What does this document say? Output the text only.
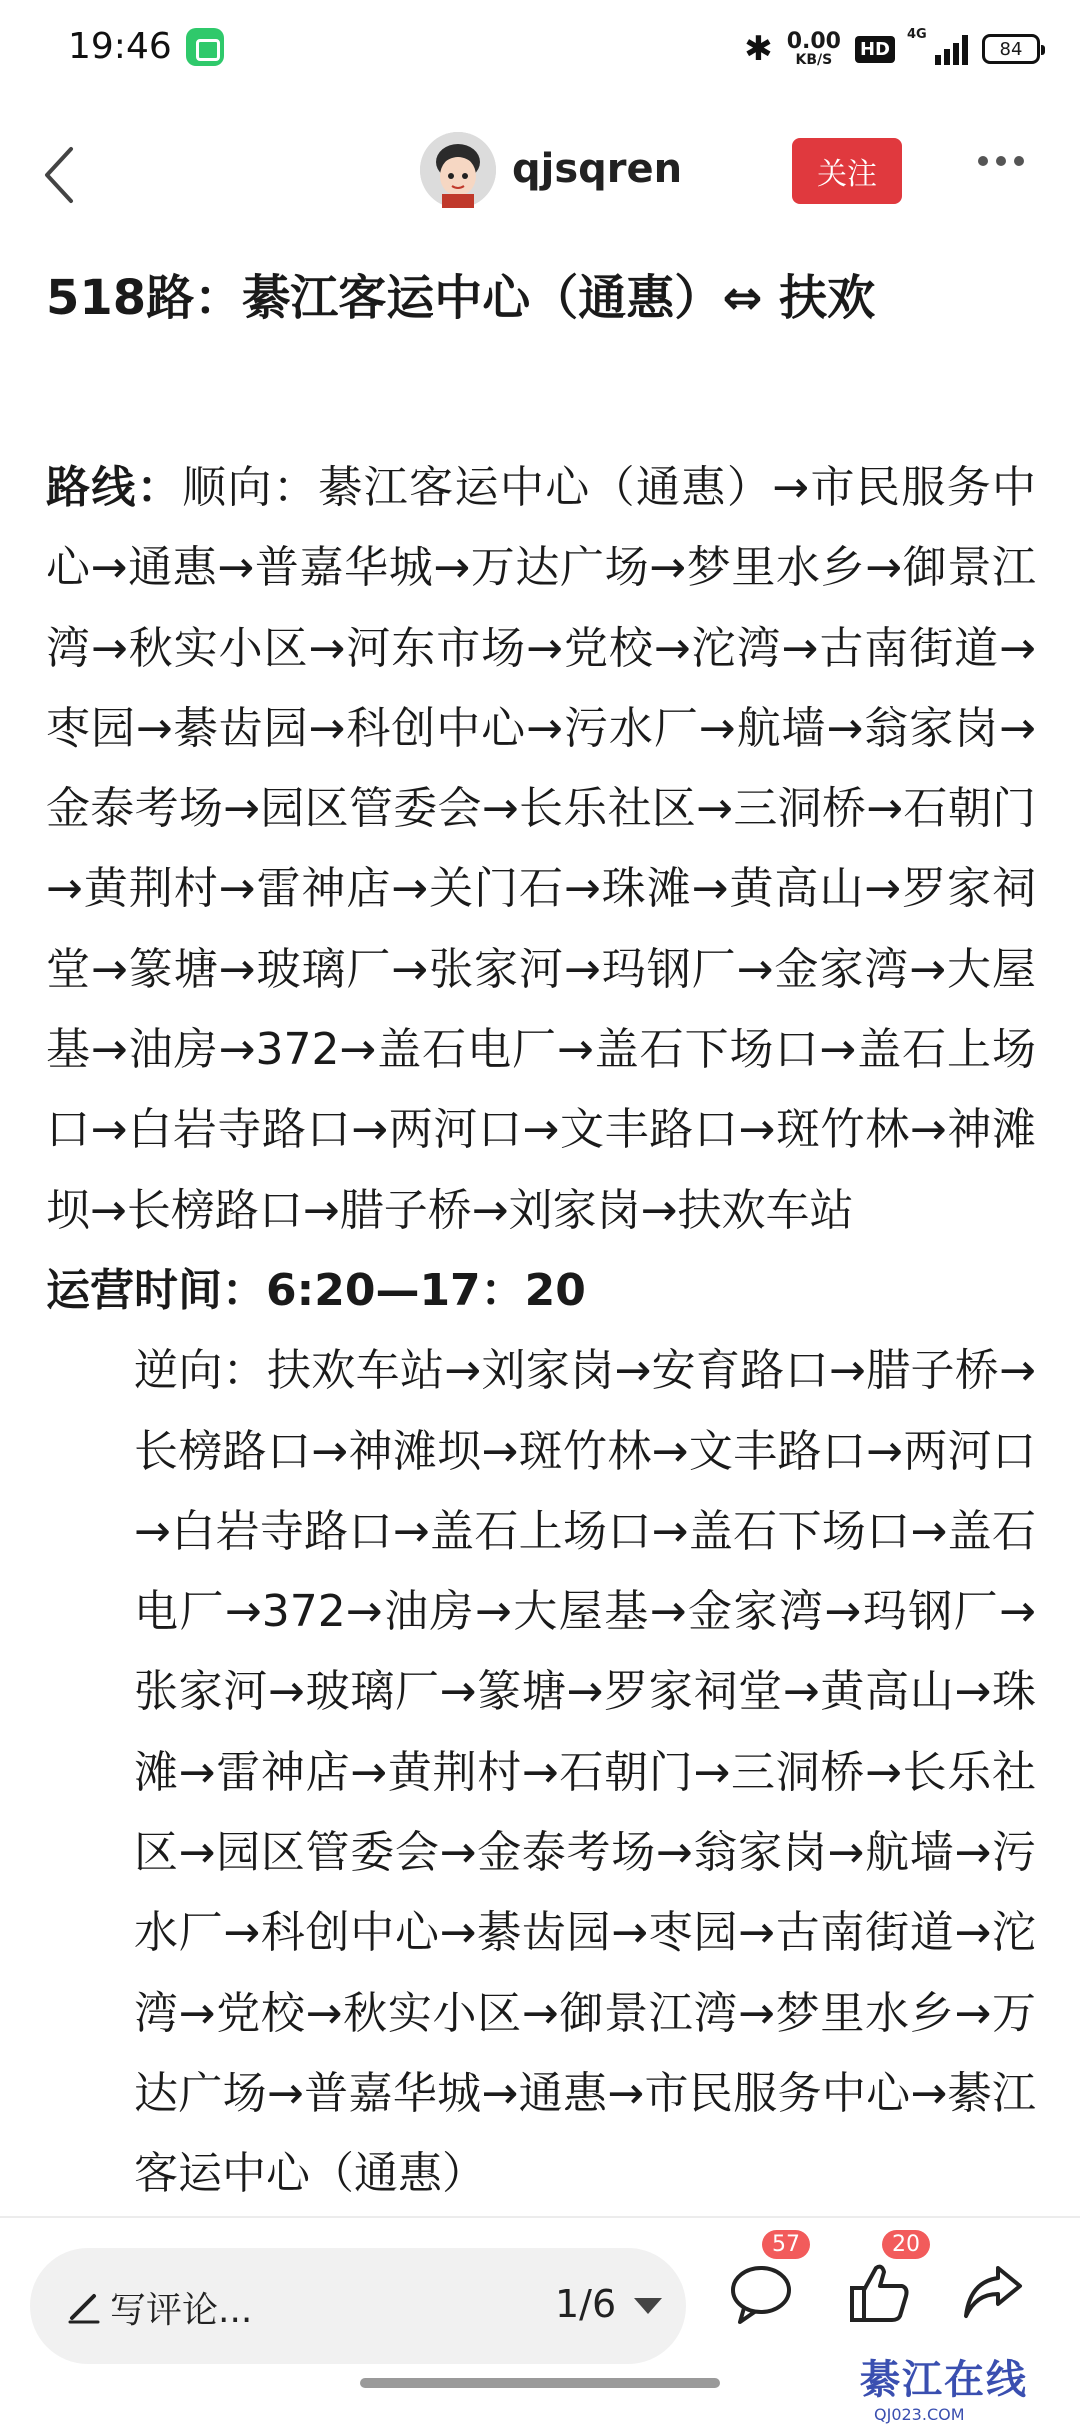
19:46	✱ 0.00
KB/S
HD
4G
84
qjsqren	关注
518路：綦江客运中心（通惠）⇔ 扶欢

路线：顺向：綦江客运中心（通惠）→市民服务中心→通惠→普嘉华城→万达广场→梦里水乡→御景江湾→秋实小区→河东市场→党校→沱湾→古南街道→枣园→綦齿园→科创中心→污水厂→航墙→翁家岗→金泰考场→园区管委会→长乐社区→三洞桥→石朝门→黄荆村→雷神店→关门石→珠滩→黄高山→罗家祠堂→篆塘→玻璃厂→张家河→玛钢厂→金家湾→大屋基→油房→372→盖石电厂→盖石下场口→盖石上场口→白岩寺路口→两河口→文丰路口→斑竹林→神滩坝→长榜路口→腊子桥→刘家岗→扶欢车站

运营时间：6:20—17：20

逆向：扶欢车站→刘家岗→安育路口→腊子桥→长榜路口→神滩坝→斑竹林→文丰路口→两河口→白岩寺路口→盖石上场口→盖石下场口→盖石电厂→372→油房→大屋基→金家湾→玛钢厂→张家河→玻璃厂→篆塘→罗家祠堂→黄高山→珠滩→雷神店→黄荆村→石朝门→三洞桥→长乐社区→园区管委会→金泰考场→翁家岗→航墙→污水厂→科创中心→綦齿园→枣园→古南街道→沱湾→党校→秋实小区→御景江湾→梦里水乡→万达广场→普嘉华城→通惠→市民服务中心→綦江客运中心（通惠）

写评论...	1/6
57	20
綦江在线
QJ023.COM
